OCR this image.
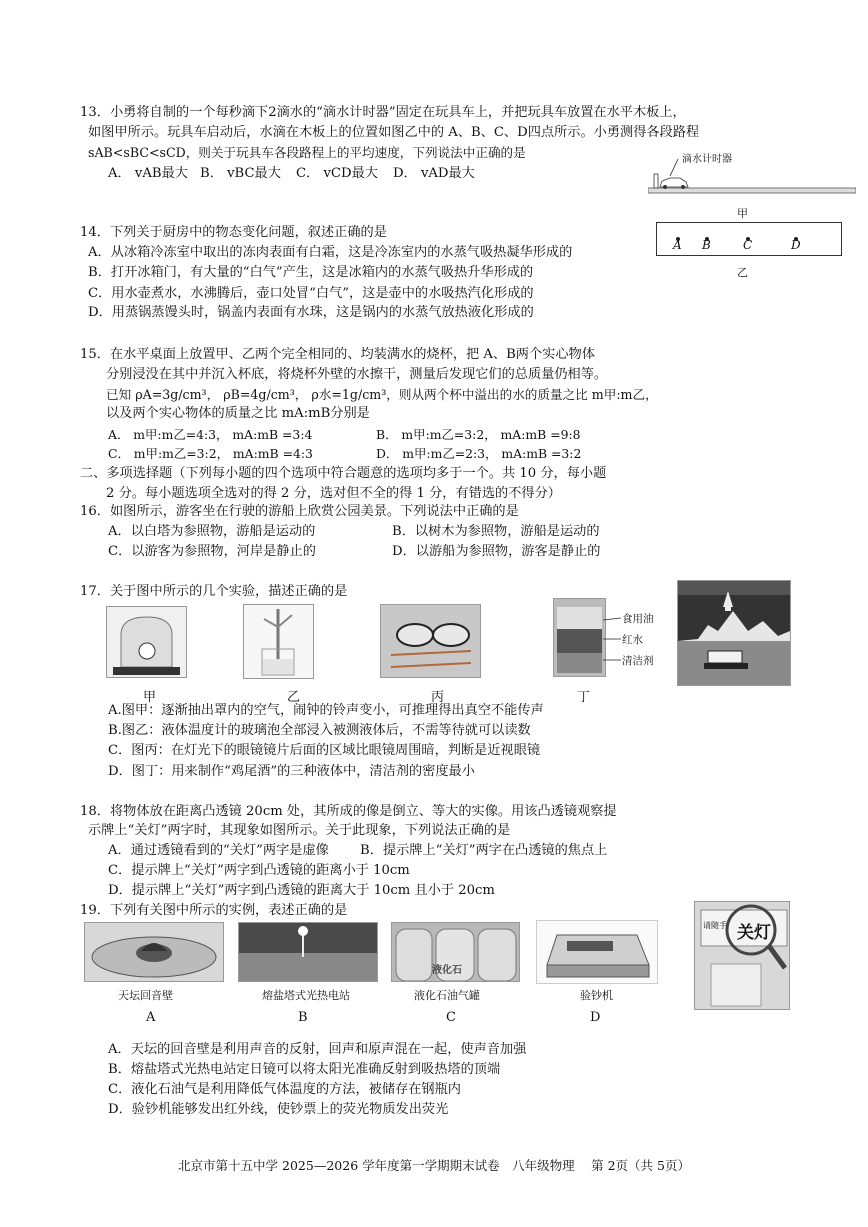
13．小勇将自制的一个每秒滴下2滴水的“滴水计时器”固定在玩具车上，并把玩具车放置在水平木板上，
如图甲所示。玩具车启动后，水滴在木板上的位置如图乙中的 A、B、C、D四点所示。小勇测得各段路程
sAB<sBC<sCD，则关于玩具车各段路程上的平均速度，下列说法中正确的是
A． vAB最大 B． vBC最大 C． vCD最大 D． vAD最大
滴水计时器
甲
A B	C	D
乙
14．下列关于厨房中的物态变化问题，叙述正确的是
A．从冰箱冷冻室中取出的冻肉表面有白霜，这是冷冻室内的水蒸气吸热凝华形成的
B．打开冰箱门，有大量的“白气”产生，这是冰箱内的水蒸气吸热升华形成的
C．用水壶煮水，水沸腾后，壶口处冒“白气”，这是壶中的水吸热汽化形成的
D．用蒸锅蒸馒头时，锅盖内表面有水珠，这是锅内的水蒸气放热液化形成的
15．在水平桌面上放置甲、乙两个完全相同的、均装满水的烧杯，把 A、B两个实心物体
分别浸没在其中并沉入杯底，将烧杯外壁的水擦干，测量后发现它们的总质量仍相等。
已知 ρA=3g/cm³， ρB=4g/cm³， ρ水=1g/cm³，则从两个杯中溢出的水的质量之比 m甲:m乙，
以及两个实心物体的质量之比 mA:mB分别是
A． m甲:m乙=4:3， mA:mB =3:4	B． m甲:m乙=3:2， mA:mB =9:8
C． m甲:m乙=3:2， mA:mB =4:3	D． m甲:m乙=2:3， mA:mB =3:2
二、多项选择题（下列每小题的四个选项中符合题意的选项均多于一个。共 10 分，每小题
2 分。每小题选项全选对的得 2 分，选对但不全的得 1 分，有错选的不得分）
16．如图所示，游客坐在行驶的游船上欣赏公园美景。下列说法中正确的是
A．以白塔为参照物，游船是运动的	B．以树木为参照物，游船是运动的
C．以游客为参照物，河岸是静止的	D．以游船为参照物，游客是静止的
17．关于图中所示的几个实验，描述正确的是
食用油
红水
清洁剂
甲	乙	丙	丁
A.图甲：逐渐抽出罩内的空气，闹钟的铃声变小，可推理得出真空不能传声
B.图乙：液体温度计的玻璃泡全部浸入被测液体后，不需等待就可以读数
C．图丙：在灯光下的眼镜镜片后面的区域比眼镜周围暗，判断是近视眼镜
D．图丁：用来制作“鸡尾酒”的三种液体中，清洁剂的密度最小
18．将物体放在距离凸透镜 20cm 处，其所成的像是倒立、等大的实像。用该凸透镜观察提
示牌上“关灯”两字时，其现象如图所示。关于此现象，下列说法正确的是
A．通过透镜看到的“关灯”两字是虚像 B．提示牌上“关灯”两字在凸透镜的焦点上
C．提示牌上“关灯”两字到凸透镜的距离小于 10cm
D．提示牌上“关灯”两字到凸透镜的距离大于 10cm 且小于 20cm
请随手 关灯
19．下列有关图中所示的实例，表述正确的是
液化石
天坛回音壁	熔盐塔式光热电站	液化石油气罐	验钞机
A	B	C	D
A．天坛的回音壁是利用声音的反射，回声和原声混在一起，使声音加强
B．熔盐塔式光热电站定日镜可以将太阳光准确反射到吸热塔的顶端
C．液化石油气是利用降低气体温度的方法，被储存在钢瓶内
D．验钞机能够发出红外线，使钞票上的荧光物质发出荧光
北京市第十五中学 2025—2026 学年度第一学期期末试卷　八年级物理　 第 2页（共 5页）
